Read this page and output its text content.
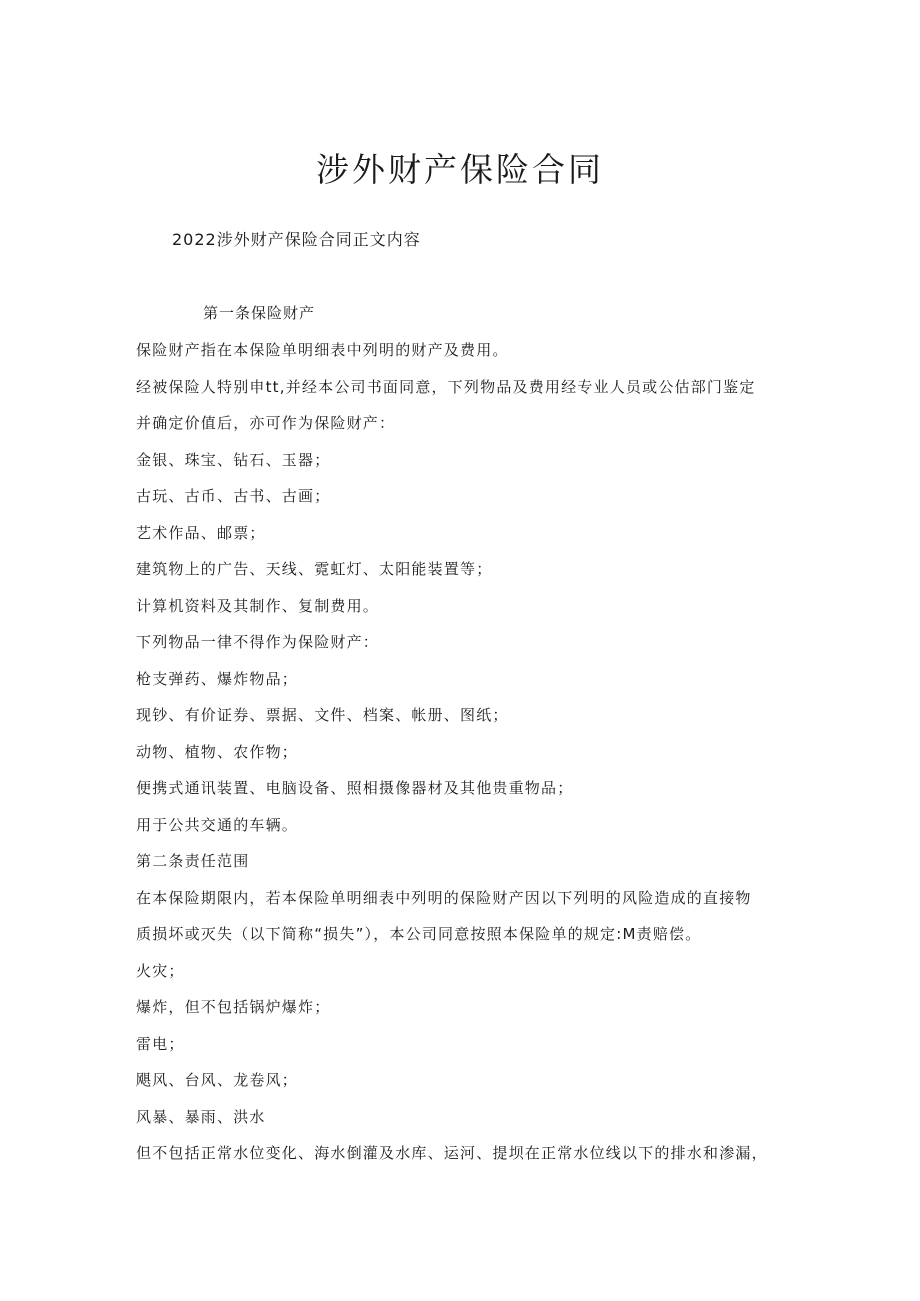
涉外财产保险合同
2022涉外财产保险合同正文内容
第一条保险财产
保险财产指在本保险单明细表中列明的财产及费用。
经被保险人特别申tt,并经本公司书面同意，下列物品及费用经专业人员或公估部门鉴定
并确定价值后，亦可作为保险财产：
金银、珠宝、钻石、玉器；
古玩、古币、古书、古画；
艺术作品、邮票；
建筑物上的广告、天线、霓虹灯、太阳能装置等；
计算机资料及其制作、复制费用。
下列物品一律不得作为保险财产：
枪支弹药、爆炸物品；
现钞、有价证券、票据、文件、档案、帐册、图纸；
动物、植物、农作物；
便携式通讯装置、电脑设备、照相摄像器材及其他贵重物品；
用于公共交通的车辆。
第二条责任范围
在本保险期限内，若本保险单明细表中列明的保险财产因以下列明的风险造成的直接物
质损坏或灭失（以下简称“损失”），本公司同意按照本保险单的规定:M责赔偿。
火灾；
爆炸，但不包括锅炉爆炸；
雷电；
飓风、台风、龙卷风；
风暴、暴雨、洪水
但不包括正常水位变化、海水倒灌及水库、运河、提坝在正常水位线以下的排水和渗漏，
